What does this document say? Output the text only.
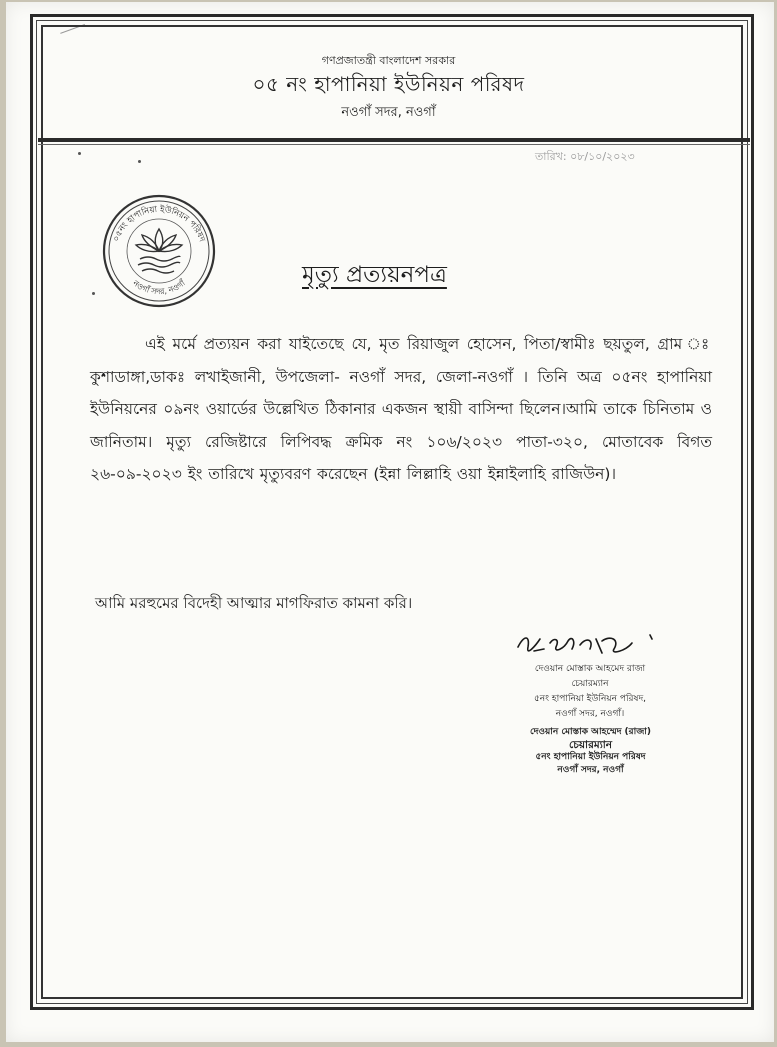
গণপ্রজাতন্ত্রী বাংলাদেশ সরকার
০৫ নং হাপানিয়া ইউনিয়ন পরিষদ
নওগাঁ সদর, নওগাঁ
তারিখ: ০৮/১০/২০২৩
০৫নং হাপানিয়া ইউনিয়ন পরিষদ
নওগাঁ সদর, নওগাঁ	মৃত্যু প্রত্যয়নপত্র
এই মর্মে প্রত্যয়ন করা যাইতেছে যে, মৃত রিয়াজুল হোসেন, পিতা/স্বামীঃ ছয়তুল, গ্রাম ঃ কুশাডাঙ্গা,ডাকঃ লখাইজানী, উপজেলা- নওগাঁ সদর, জেলা-নওগাঁ । তিনি অত্র ০৫নং হাপানিয়া ইউনিয়নের ০৯নং ওয়ার্ডের উল্লেখিত ঠিকানার একজন স্থায়ী বাসিন্দা ছিলেন।আমি তাকে চিনিতাম ও জানিতাম। মৃত্যু রেজিষ্টারে লিপিবদ্ধ ক্রমিক নং ১০৬/২০২৩ পাতা-৩২০, মোতাবেক বিগত ২৬-০৯-২০২৩ ইং তারিখে মৃত্যুবরণ করেছেন (ইন্না লিল্লাহি ওয়া ইন্নাইলাহি রাজিউন)।
আমি মরহুমের বিদেহী আত্মার মাগফিরাত কামনা করি।
দেওয়ান মোস্তাক আহমেদ রাজা
চেয়ারম্যান
৫নং হাপানিয়া ইউনিয়ন পরিষদ,
নওগাঁ সদর, নওগাঁ।
দেওয়ান মোস্তাক আহম্মেদ (রাজা)
চেয়ারম্যান
৫নং হাপানিয়া ইউনিয়ন পরিষদ
নওগাঁ সদর, নওগাঁ
